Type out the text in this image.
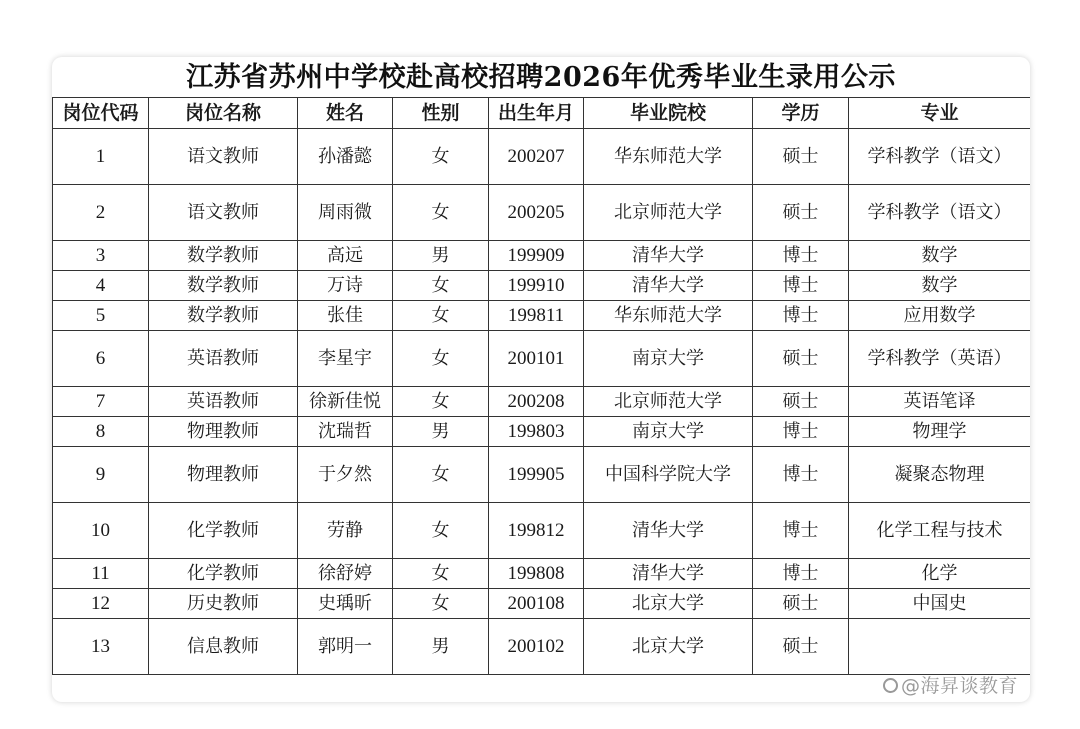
江苏省苏州中学校赴高校招聘2026年优秀毕业生录用公示
岗位代码	岗位名称	姓名	性别	出生年月	毕业院校	学历	专业
1	语文教师	孙潘懿	女	200207	华东师范大学	硕士	学科教学（语文）
2	语文教师	周雨微	女	200205	北京师范大学	硕士	学科教学（语文）
3	数学教师	高远	男	199909	清华大学	博士	数学
4	数学教师	万诗	女	199910	清华大学	博士	数学
5	数学教师	张佳	女	199811	华东师范大学	博士	应用数学
6	英语教师	李星宇	女	200101	南京大学	硕士	学科教学（英语）
7	英语教师	徐新佳悦	女	200208	北京师范大学	硕士	英语笔译
8	物理教师	沈瑞哲	男	199803	南京大学	博士	物理学
9	物理教师	于夕然	女	199905	中国科学院大学	博士	凝聚态物理
10	化学教师	劳静	女	199812	清华大学	博士	化学工程与技术
11	化学教师	徐舒婷	女	199808	清华大学	博士	化学
12	历史教师	史瑀昕	女	200108	北京大学	硕士	中国史
13	信息教师	郭明一	男	200102	北京大学	硕士	
@海昇谈教育
